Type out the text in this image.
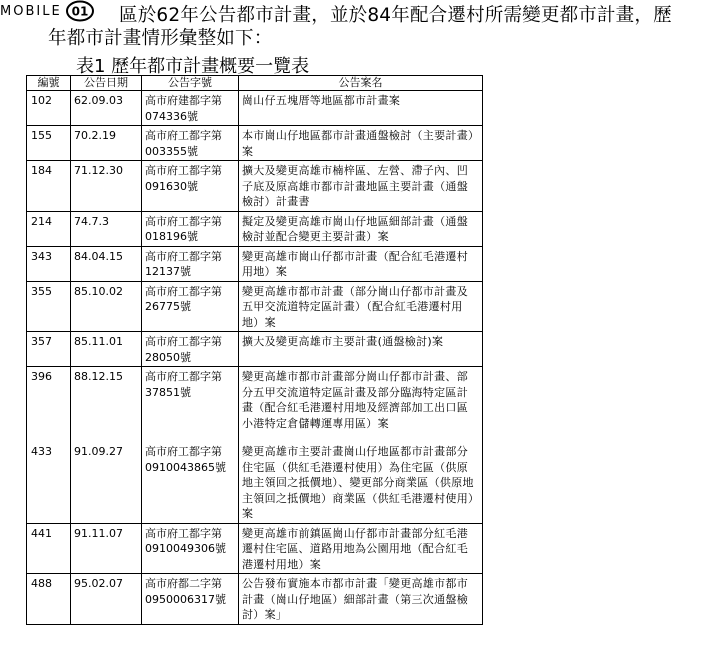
MOBILE 01	區於62年公告都市計畫，並於84年配合遷村所需變更都市計畫，歷
年都市計畫情形彙整如下：
表1 歷年都市計畫概要一覽表
編號	公告日期	公告字號	公告案名
102	62.09.03	高市府建都字第074336號	崗山仔五塊厝等地區都市計畫案
155	70.2.19	高市府工都字第003355號	本市崗山仔地區都市計畫通盤檢討（主要計畫）案
184	71.12.30	高市府工都字第091630號	擴大及變更高雄市楠梓區、左營、滯子內、凹子底及原高雄市都市計畫地區主要計畫（通盤檢討）計畫書
214	74.7.3	高市府工都字第018196號	擬定及變更高雄市崗山仔地區細部計畫（通盤檢討並配合變更主要計畫）案
343	84.04.15	高市府工都字第12137號	變更高雄市崗山仔都市計畫（配合紅毛港遷村用地）案
355	85.10.02	高市府工都字第26775號	變更高雄市都市計畫（部分崗山仔都市計畫及五甲交流道特定區計畫）（配合紅毛港遷村用地）案
357	85.11.01	高市府工都字第28050號	擴大及變更高雄市主要計畫(通盤檢討)案
396	88.12.15	高市府工都字第37851號	變更高雄市都市計畫部分崗山仔都市計畫、部分五甲交流道特定區計畫及部分臨海特定區計畫（配合紅毛港遷村用地及經濟部加工出口區小港特定倉儲轉運專用區）案
433	91.09.27	高市府工都字第0910043865號	變更高雄市主要計畫崗山仔地區都市計畫部分住宅區（供紅毛港遷村使用）為住宅區（供原地主領回之抵價地）、變更部分商業區（供原地主領回之抵價地）商業區（供紅毛港遷村使用）案
441	91.11.07	高市府工都字第0910049306號	變更高雄市前鎮區崗山仔都市計畫部分紅毛港遷村住宅區、道路用地為公園用地（配合紅毛港遷村用地）案
488	95.02.07	高市府都二字第0950006317號	公告發布實施本市都市計畫「變更高雄市都市計畫（崗山仔地區）細部計畫（第三次通盤檢討）案」
